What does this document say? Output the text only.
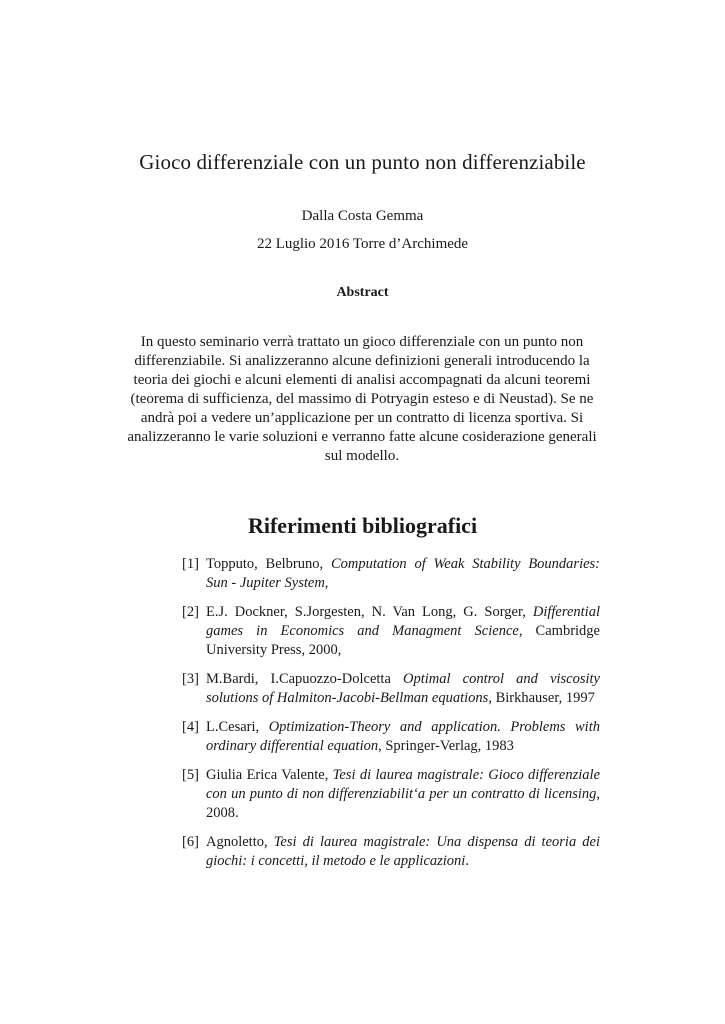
Gioco differenziale con un punto non differenziabile
Dalla Costa Gemma
22 Luglio 2016 Torre d’Archimede
Abstract
In questo seminario verrà trattato un gioco differenziale con un punto non differenziabile. Si analizzeranno alcune definizioni generali introducendo la teoria dei giochi e alcuni elementi di analisi accompagnati da alcuni teoremi (teorema di sufficienza, del massimo di Potryagin esteso e di Neustad). Se ne andrà poi a vedere un’applicazione per un contratto di licenza sportiva. Si analizzeranno le varie soluzioni e verranno fatte alcune cosiderazione generali sul modello.
Riferimenti bibliografici
[1] Topputo, Belbruno, Computation of Weak Stability Boundaries: Sun - Jupiter System,
[2] E.J. Dockner, S.Jorgesten, N. Van Long, G. Sorger, Differential games in Economics and Managment Science, Cambridge University Press, 2000,
[3] M.Bardi, I.Capuozzo-Dolcetta Optimal control and viscosity solutions of Halmiton-Jacobi-Bellman equations, Birkhauser, 1997
[4] L.Cesari, Optimization-Theory and application. Problems with ordinary differential equation, Springer-Verlag, 1983
[5] Giulia Erica Valente, Tesi di laurea magistrale: Gioco differenziale con un punto di non differenziabilit‘a per un contratto di licensing, 2008.
[6] Agnoletto, Tesi di laurea magistrale: Una dispensa di teoria dei giochi: i concetti, il metodo e le applicazioni.
